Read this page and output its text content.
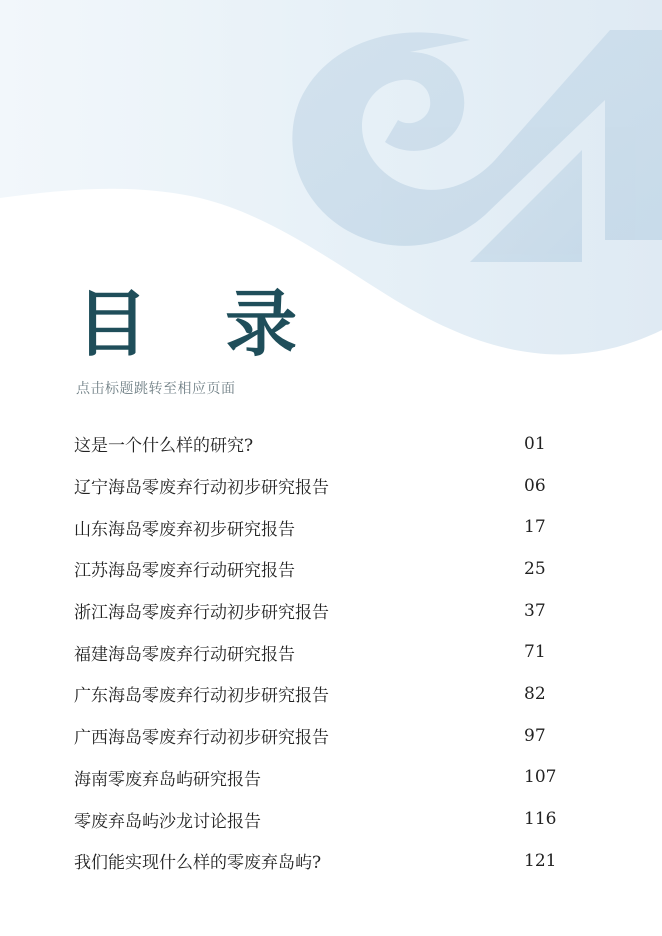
目 录
点击标题跳转至相应页面
这是一个什么样的研究?	01
辽宁海岛零废弃行动初步研究报告	06
山东海岛零废弃初步研究报告	17
江苏海岛零废弃行动研究报告	25
浙江海岛零废弃行动初步研究报告	37
福建海岛零废弃行动研究报告	71
广东海岛零废弃行动初步研究报告	82
广西海岛零废弃行动初步研究报告	97
海南零废弃岛屿研究报告	107
零废弃岛屿沙龙讨论报告	116
我们能实现什么样的零废弃岛屿?	121
